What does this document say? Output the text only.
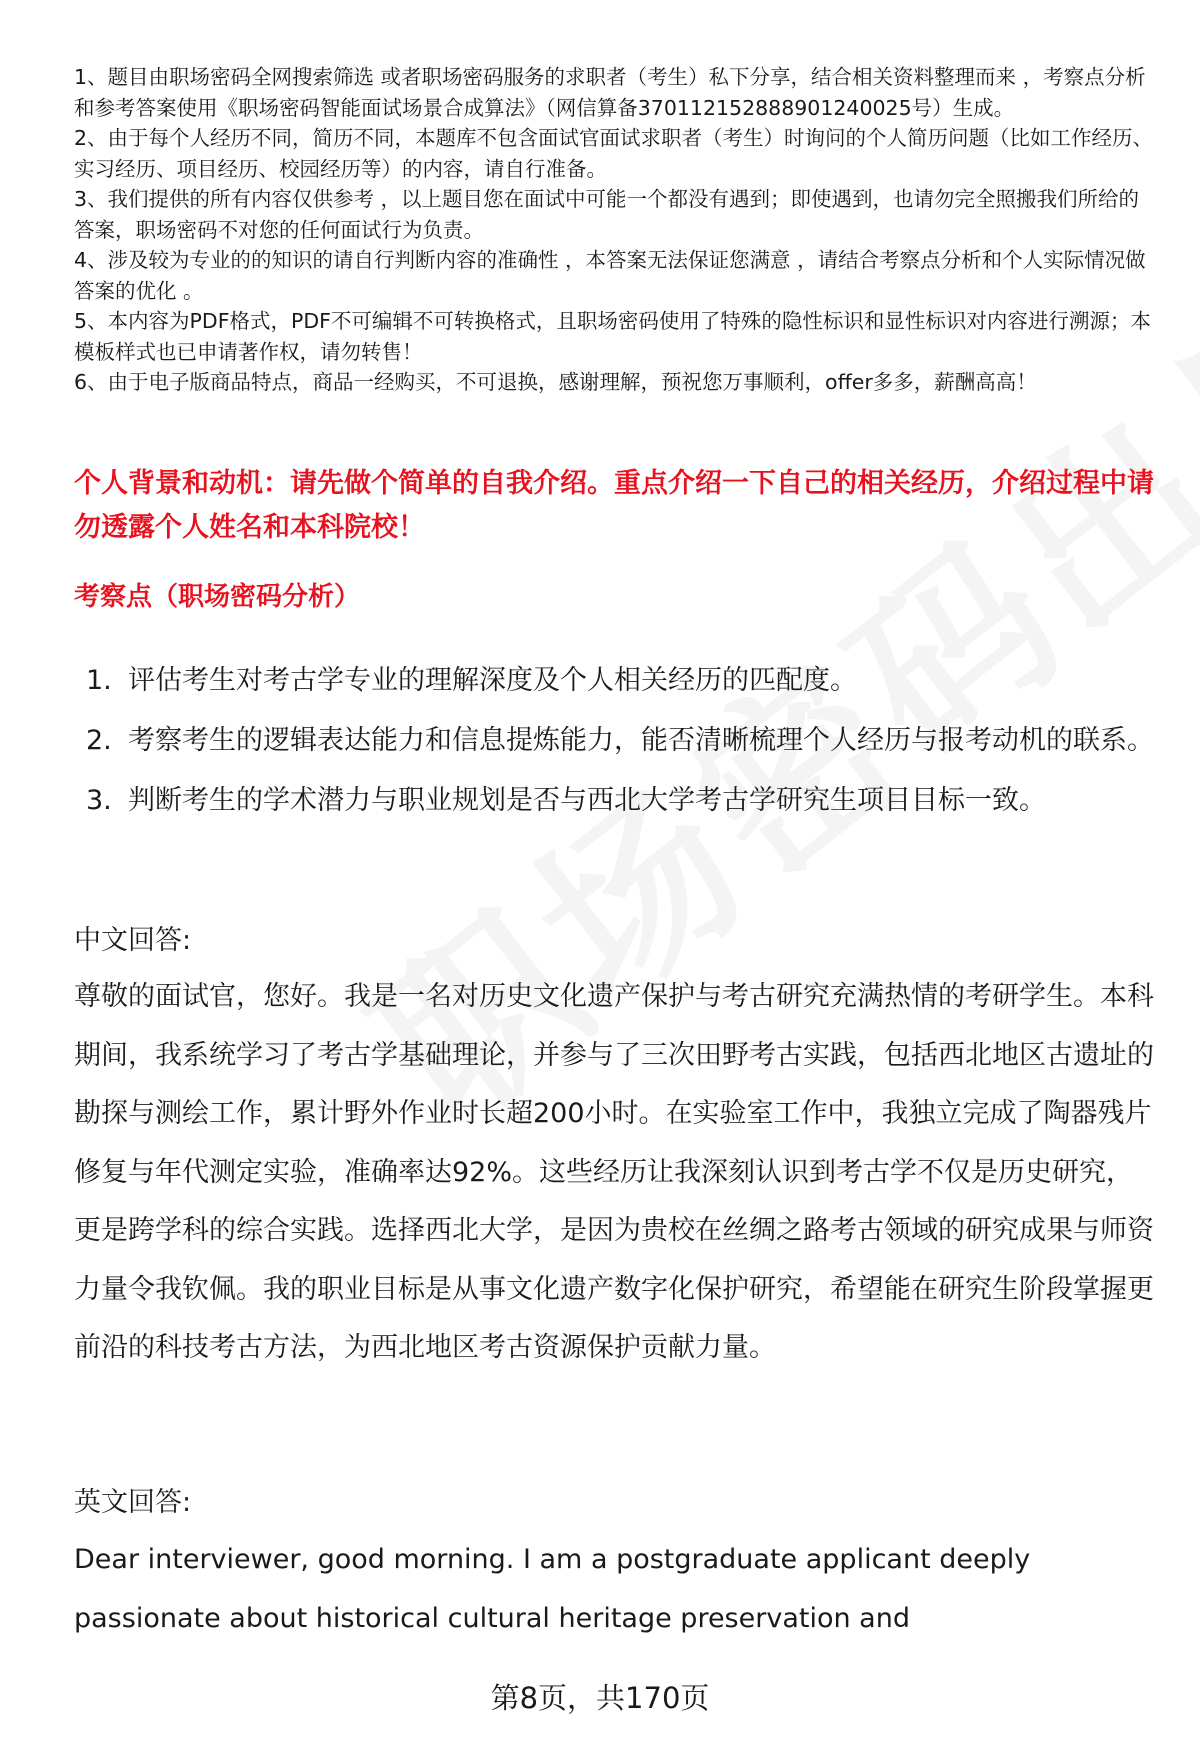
1、题目由职场密码全网搜索筛选 或者职场密码服务的求职者（考生）私下分享，结合相关资料整理而来 ，考察点分析和参考答案使用《职场密码智能面试场景合成算法》（网信算备370112152888901240025号）生成。

2、由于每个人经历不同，简历不同，本题库不包含面试官面试求职者（考生）时询问的个人简历问题（比如工作经历、实习经历、项目经历、校园经历等）的内容，请自行准备。

3、我们提供的所有内容仅供参考 ，以上题目您在面试中可能一个都没有遇到；即使遇到，也请勿完全照搬我们所给的答案，职场密码不对您的任何面试行为负责。

4、涉及较为专业的的知识的请自行判断内容的准确性 ，本答案无法保证您满意 ，请结合考察点分析和个人实际情况做答案的优化 。

5、本内容为PDF格式，PDF不可编辑不可转换格式，且职场密码使用了特殊的隐性标识和显性标识对内容进行溯源；本模板样式也已申请著作权，请勿转售！

6、由于电子版商品特点，商品一经购买，不可退换，感谢理解，预祝您万事顺利，offer多多，薪酬高高！

个人背景和动机：请先做个简单的自我介绍。重点介绍一下自己的相关经历，介绍过程中请勿透露个人姓名和本科院校！
考察点（职场密码分析）
1. 评估考生对考古学专业的理解深度及个人相关经历的匹配度。
2. 考察考生的逻辑表达能力和信息提炼能力，能否清晰梳理个人经历与报考动机的联系。
3. 判断考生的学术潜力与职业规划是否与西北大学考古学研究生项目目标一致。
中文回答:

尊敬的面试官，您好。我是一名对历史文化遗产保护与考古研究充满热情的考研学生。本科期间，我系统学习了考古学基础理论，并参与了三次田野考古实践，包括西北地区古遗址的勘探与测绘工作，累计野外作业时长超200小时。在实验室工作中，我独立完成了陶器残片修复与年代测定实验，准确率达92%。这些经历让我深刻认识到考古学不仅是历史研究，更是跨学科的综合实践。选择西北大学，是因为贵校在丝绸之路考古领域的研究成果与师资力量令我钦佩。我的职业目标是从事文化遗产数字化保护研究，希望能在研究生阶段掌握更前沿的科技考古方法，为西北地区考古资源保护贡献力量。

英文回答:

Dear interviewer, good morning. I am a postgraduate applicant deeply passionate about historical cultural heritage preservation and

第8页，共170页
